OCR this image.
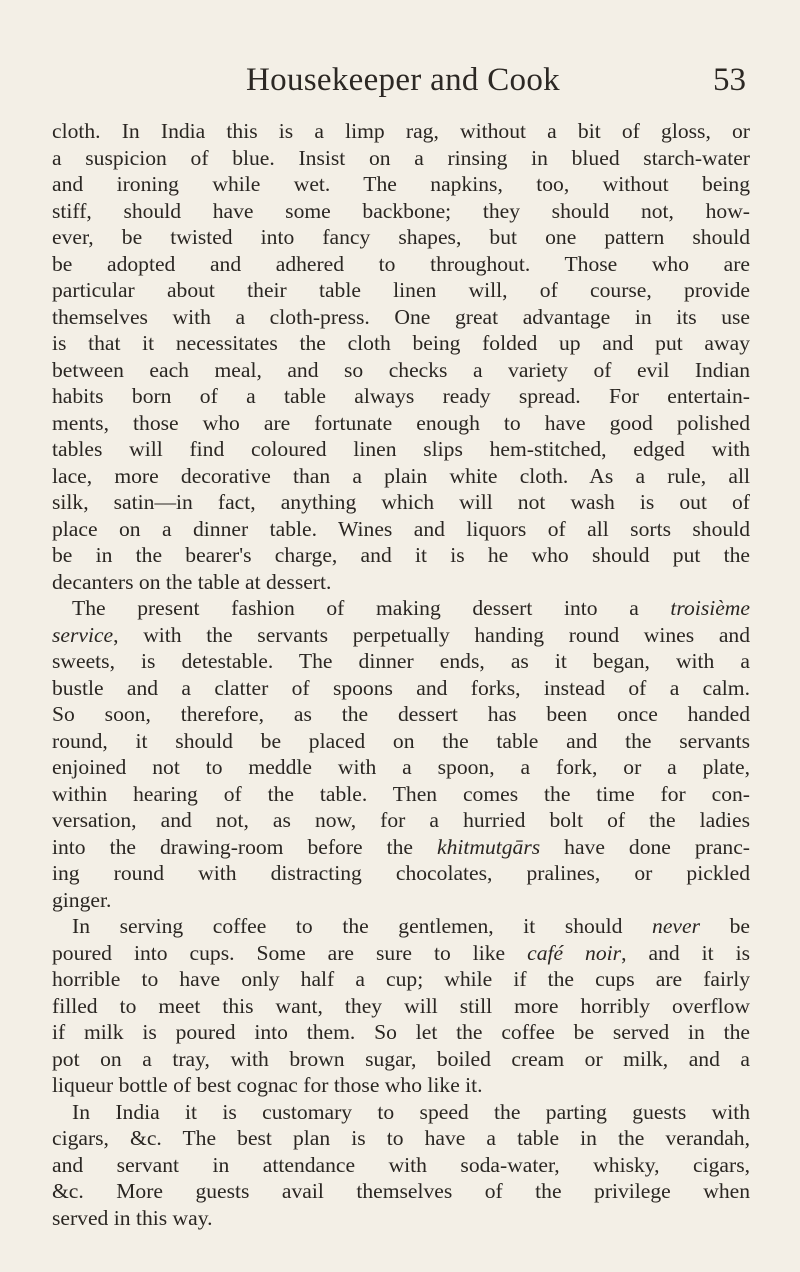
Housekeeper and Cook	53
cloth. In India this is a limp rag, without a bit of gloss, or
a suspicion of blue. Insist on a rinsing in blued starch-water
and ironing while wet. The napkins, too, without being
stiff, should have some backbone; they should not, how-
ever, be twisted into fancy shapes, but one pattern should
be adopted and adhered to throughout. Those who are
particular about their table linen will, of course, provide
themselves with a cloth-press. One great advantage in its use
is that it necessitates the cloth being folded up and put away
between each meal, and so checks a variety of evil Indian
habits born of a table always ready spread. For entertain-
ments, those who are fortunate enough to have good polished
tables will find coloured linen slips hem-stitched, edged with
lace, more decorative than a plain white cloth. As a rule, all
silk, satin—in fact, anything which will not wash is out of
place on a dinner table. Wines and liquors of all sorts should
be in the bearer's charge, and it is he who should put the
decanters on the table at dessert.
The present fashion of making dessert into a troisième
service, with the servants perpetually handing round wines and
sweets, is detestable. The dinner ends, as it began, with a
bustle and a clatter of spoons and forks, instead of a calm.
So soon, therefore, as the dessert has been once handed
round, it should be placed on the table and the servants
enjoined not to meddle with a spoon, a fork, or a plate,
within hearing of the table. Then comes the time for con-
versation, and not, as now, for a hurried bolt of the ladies
into the drawing-room before the khitmutgārs have done pranc-
ing round with distracting chocolates, pralines, or pickled
ginger.
In serving coffee to the gentlemen, it should never be
poured into cups. Some are sure to like café noir, and it is
horrible to have only half a cup; while if the cups are fairly
filled to meet this want, they will still more horribly overflow
if milk is poured into them. So let the coffee be served in the
pot on a tray, with brown sugar, boiled cream or milk, and a
liqueur bottle of best cognac for those who like it.
In India it is customary to speed the parting guests with
cigars, &c. The best plan is to have a table in the verandah,
and servant in attendance with soda-water, whisky, cigars,
&c. More guests avail themselves of the privilege when
served in this way.
